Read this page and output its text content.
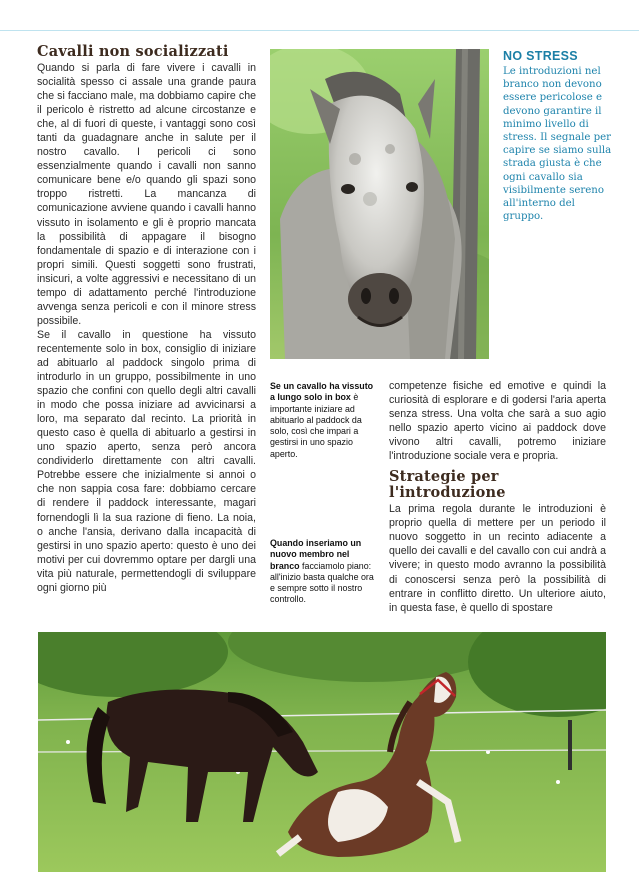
Cavalli non socializzati

Quando si parla di fare vivere i cavalli in socialità spesso ci assale una grande paura che si facciano male, ma dobbiamo capire che il pericolo è ristretto ad alcune circostanze e che, al di fuori di queste, i vantaggi sono così tanti da guadagnare anche in salute per il nostro cavallo. I pericoli ci sono essenzialmente quando i cavalli non sanno comunicare bene e/o quando gli spazi sono troppo ristretti. La mancanza di comunicazione avviene quando i cavalli hanno vissuto in isolamento e gli è proprio mancata la possibilità di appagare il bisogno fondamentale di spazio e di interazione con i propri simili. Questi soggetti sono frustrati, insicuri, a volte aggressivi e necessitano di un tempo di adattamento perché l'introduzione avvenga senza pericoli e con il minore stress possibile.

Se il cavallo in questione ha vissuto recentemente solo in box, consiglio di iniziare ad abituarlo al paddock singolo prima di introdurlo in un gruppo, possibilmente in uno spazio che confini con quello degli altri cavalli in modo che possa iniziare ad avvicinarsi a loro, ma separato dal recinto. La priorità in questo caso è quella di abituarlo a gestirsi in uno spazio aperto, senza però ancora condividerlo direttamente con altri cavalli. Potrebbe essere che inizialmente si annoi o che non sappia cosa fare: dobbiamo cercare di rendere il paddock interessante, magari fornendogli lì la sua razione di fieno. La noia, o anche l'ansia, derivano dalla incapacità di gestirsi in uno spazio aperto: questo è uno dei motivi per cui dovremmo optare per dargli una vita più naturale, permettendogli di sviluppare ogni giorno più

NO STRESS

Le introduzioni nel branco non devono essere pericolose e devono garantire il minimo livello di stress. Il segnale per capire se siamo sulla strada giusta è che ogni cavallo sia visibilmente sereno all'interno del gruppo.

Se un cavallo ha vissuto a lungo solo in box è importante iniziare ad abituarlo al paddock da solo, così che impari a gestirsi in uno spazio aperto.
Quando inseriamo un nuovo membro nel branco facciamolo piano: all'inizio basta qualche ora e sempre sotto il nostro controllo.

competenze fisiche ed emotive e quindi la curiosità di esplorare e di godersi l'aria aperta senza stress. Una volta che sarà a suo agio nello spazio aperto vicino ai paddock dove vivono altri cavalli, potremo iniziare l'introduzione sociale vera e propria.

Strategie per l'introduzione

La prima regola durante le introduzioni è proprio quella di mettere per un periodo il nuovo soggetto in un recinto adiacente a quello dei cavalli e del cavallo con cui andrà a vivere; in questo modo avranno la possibilità di conoscersi senza però la possibilità di entrare in conflitto diretto. Un ulteriore aiuto, in questa fase, è quello di spostare
